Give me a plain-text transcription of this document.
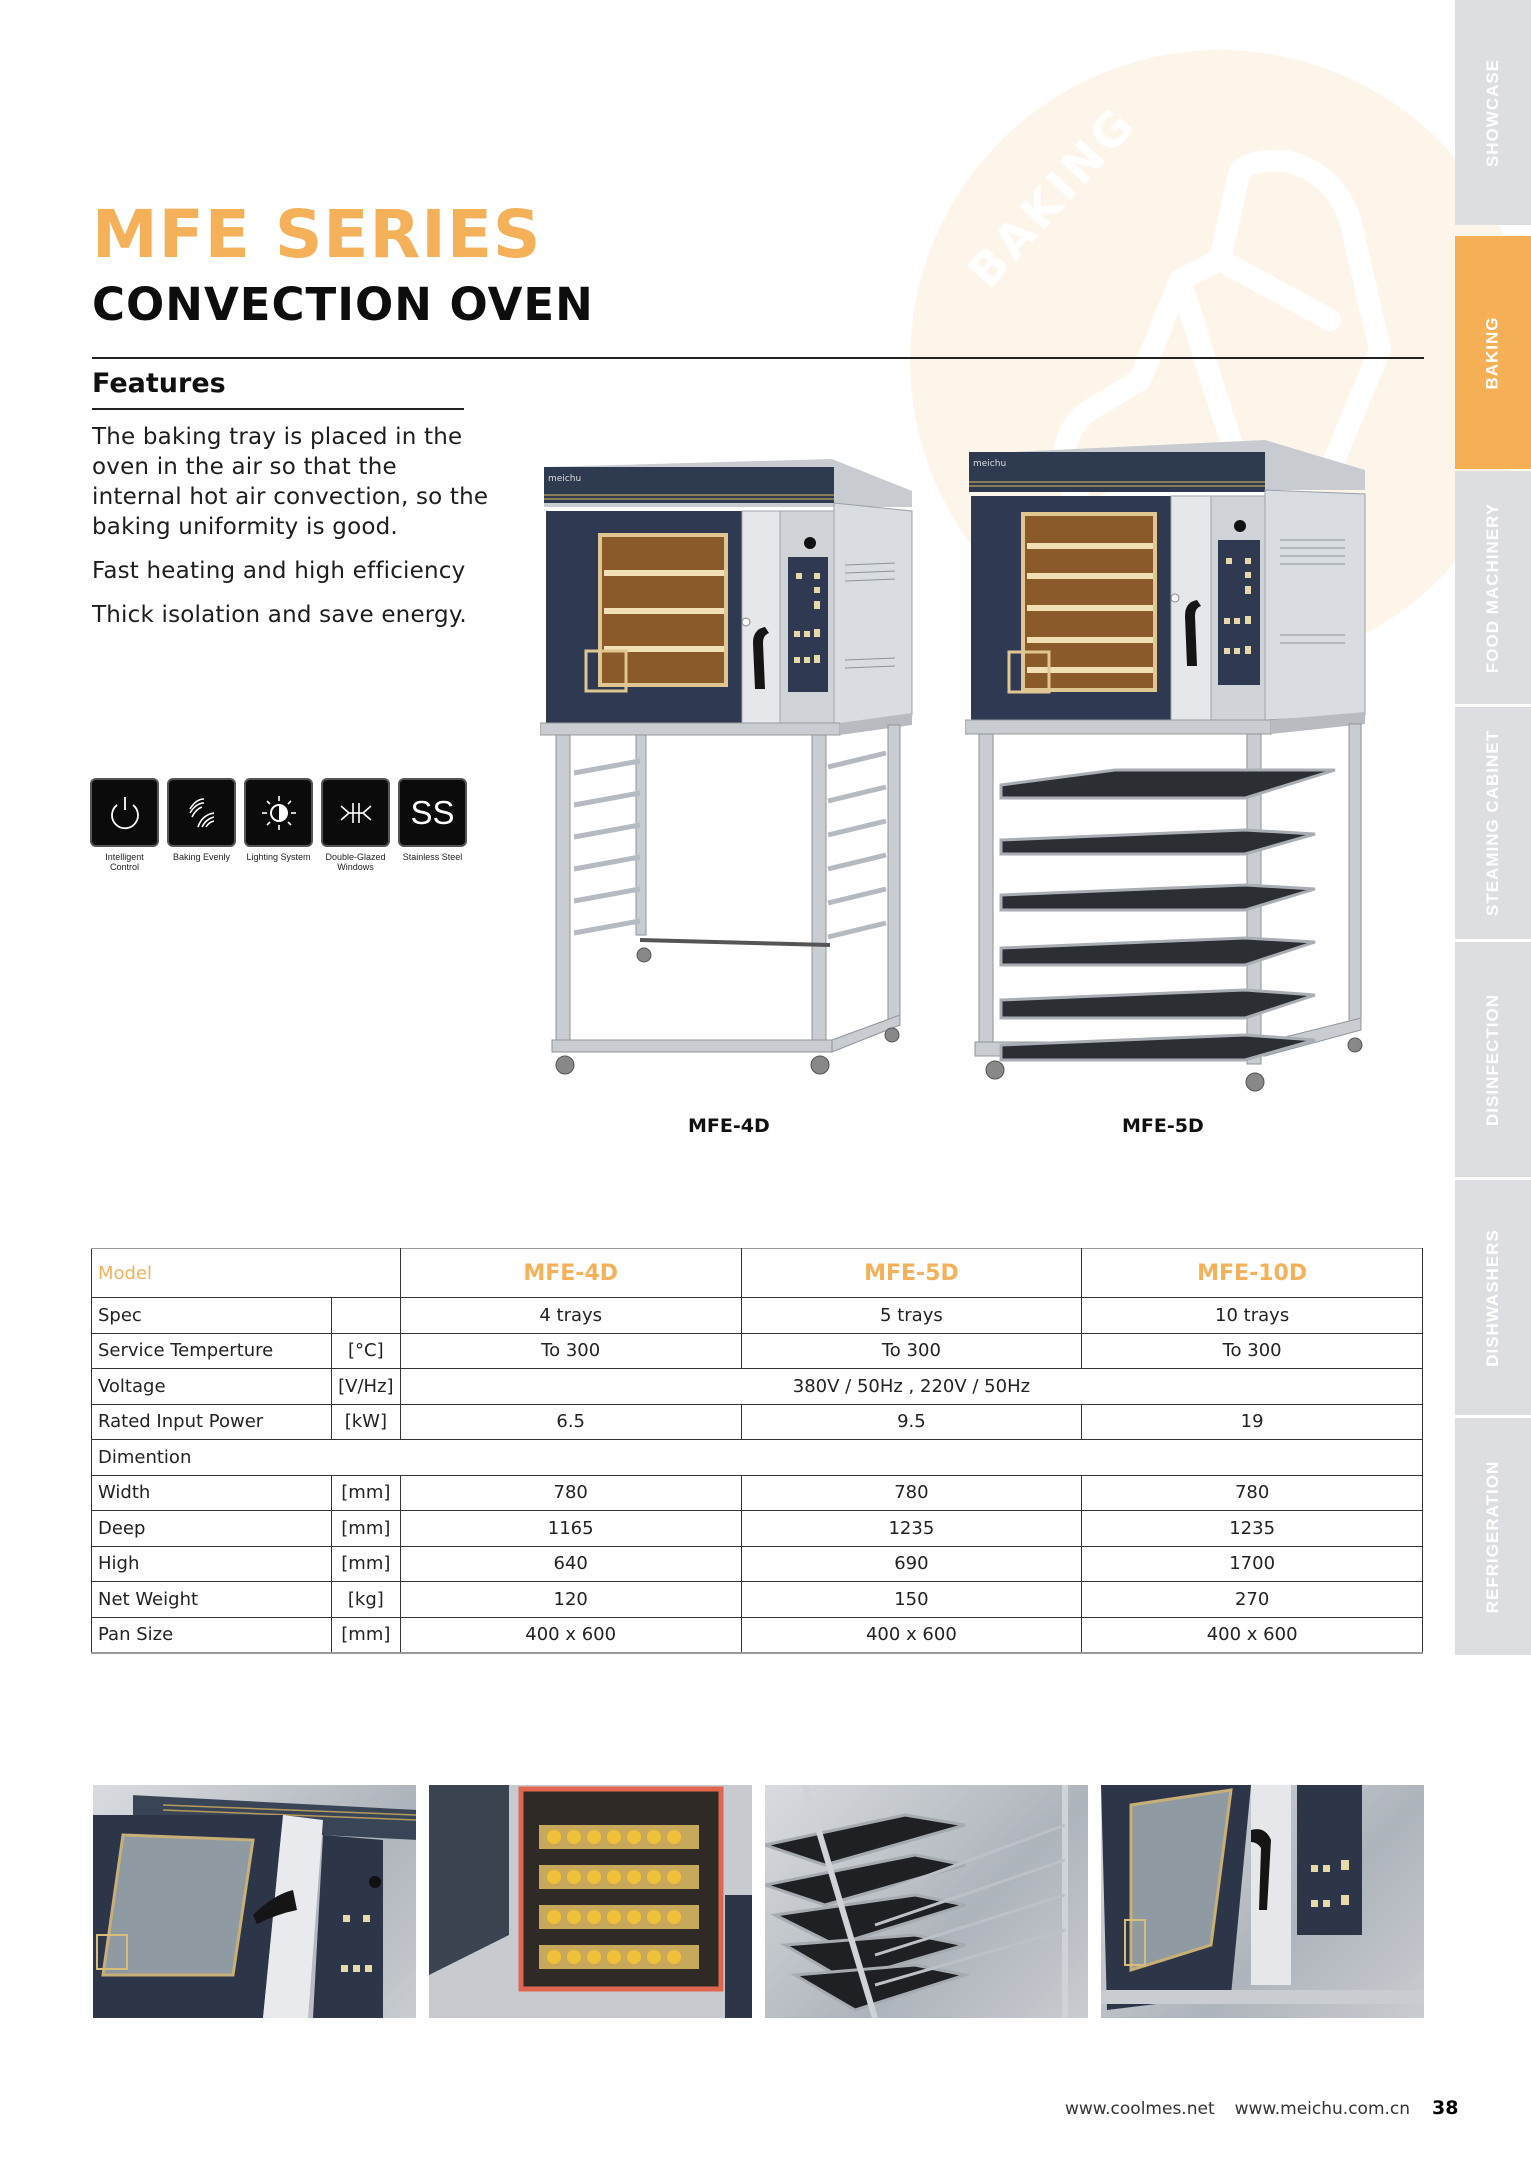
BAKING	SHOWCASE
BAKING
FOOD MACHINERY
STEAMING CABINET
DISINFECTION
DISHWASHERS
REFRIGERATION
MFE SERIES
CONVECTION OVEN
Features

The baking tray is placed in the oven in the air so that the internal hot air convection, so the baking uniformity is good.

Fast heating and high efficiency

Thick isolation and save energy.

Intelligent Control
Baking Evenly Lighting System	Double-Glazed Windows
SS
Stainless Steel
meichu
MFE-4D
meichu
MFE-5D
Model		MFE-4D	MFE-5D	MFE-10D
Spec		4 trays	5 trays	10 trays
Service Temperture	[°C]	To 300	To 300	To 300
Voltage	[V/Hz]	380V / 50Hz , 220V / 50Hz		
Rated Input Power	[kW]	6.5	9.5	19
Dimention				
Width	[mm]	780	780	780
Deep	[mm]	1165	1235	1235
High	[mm]	640	690	1700
Net Weight	[kg]	120	150	270
Pan Size	[mm]	400 x 600	400 x 600	400 x 600
www.coolmes.net www.meichu.com.cn 38
